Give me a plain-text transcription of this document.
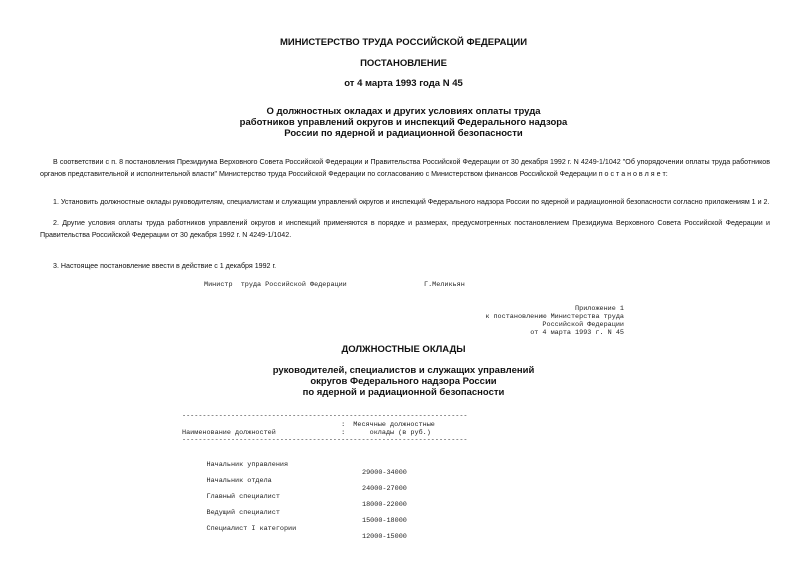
МИНИСТЕРСТВО ТРУДА РОССИЙСКОЙ ФЕДЕРАЦИИ

ПОСТАНОВЛЕНИЕ

от 4 марта 1993 года N 45

О должностных окладах и других условиях оплаты труда

работников управлений округов и инспекций Федерального надзора

России по ядерной и радиационной безопасности

В соответствии с п. 8 постановления Президиума Верховного Совета Российской Федерации и Правительства Российской Федерации от 30 декабря 1992 г. N 4249-1/1042 "Об упорядочении оплаты труда работников органов представительной и исполнительной власти" Министерство труда Российской Федерации по согласованию с Министерством финансов Российской Федерации п о с т а н о в л я е т:

1. Установить должностные оклады руководителям, специалистам и служащим управлений округов и инспекций Федерального надзора России по ядерной и радиационной безопасности согласно приложениям 1 и 2.

2. Другие условия оплаты труда работников управлений округов и инспекций применяются в порядке и размерах, предусмотренных постановлением Президиума Верховного Совета Российской Федерации и Правительства Российской Федерации от 30 декабря 1992 г. N 4249-1/1042.

3. Настоящее постановление ввести в действие с 1 декабря 1992 г.

Министр  труда Российской Федерации	Г.Меликьян

Приложение 1
к постановлению Министерства труда
Российской Федерации
от 4 марта 1993 г. N 45

ДОЛЖНОСТНЫЕ ОКЛАДЫ

руководителей, специалистов и служащих управлений

округов Федерального надзора России

по ядерной и радиационной безопасности

----------------------------------------------------------------------
:  Месячные должностные
Наименование должностей                :      оклады (в руб.)
----------------------------------------------------------------------

Начальник управления

29000-34000

Начальник отдела

24000-27000

Главный специалист

18000-22000

Ведущий специалист

15000-18000

Специалист I категории

12000-15000
